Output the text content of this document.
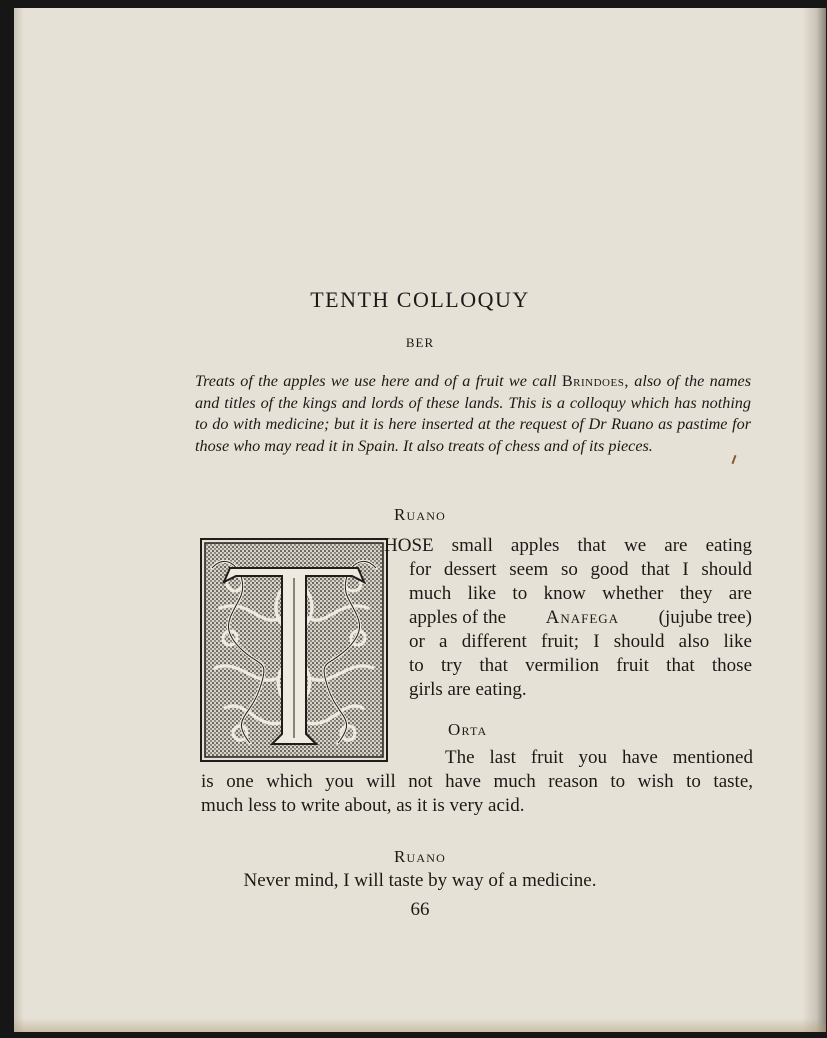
TENTH COLLOQUY

BER

Treats of the apples we use here and of a fruit we call Brindoes, also of the names and titles of the kings and lords of these lands. This is a colloquy which has nothing to do with medicine; but it is here inserted at the request of Dr Ruano as pastime for those who may read it in Spain. It also treats of chess and of its pieces.

Ruano

HOSE small apples that we are eating

for dessert seem so good that I should

much like to know whether they are

apples of the Anafega (jujube tree)

or a different fruit; I should also like

to try that vermilion fruit that those

girls are eating.

Orta

The last fruit you have mentioned

is one which you will not have much reason to wish to taste,

much less to write about, as it is very acid.

Ruano

Never mind, I will taste by way of a medicine.

66
